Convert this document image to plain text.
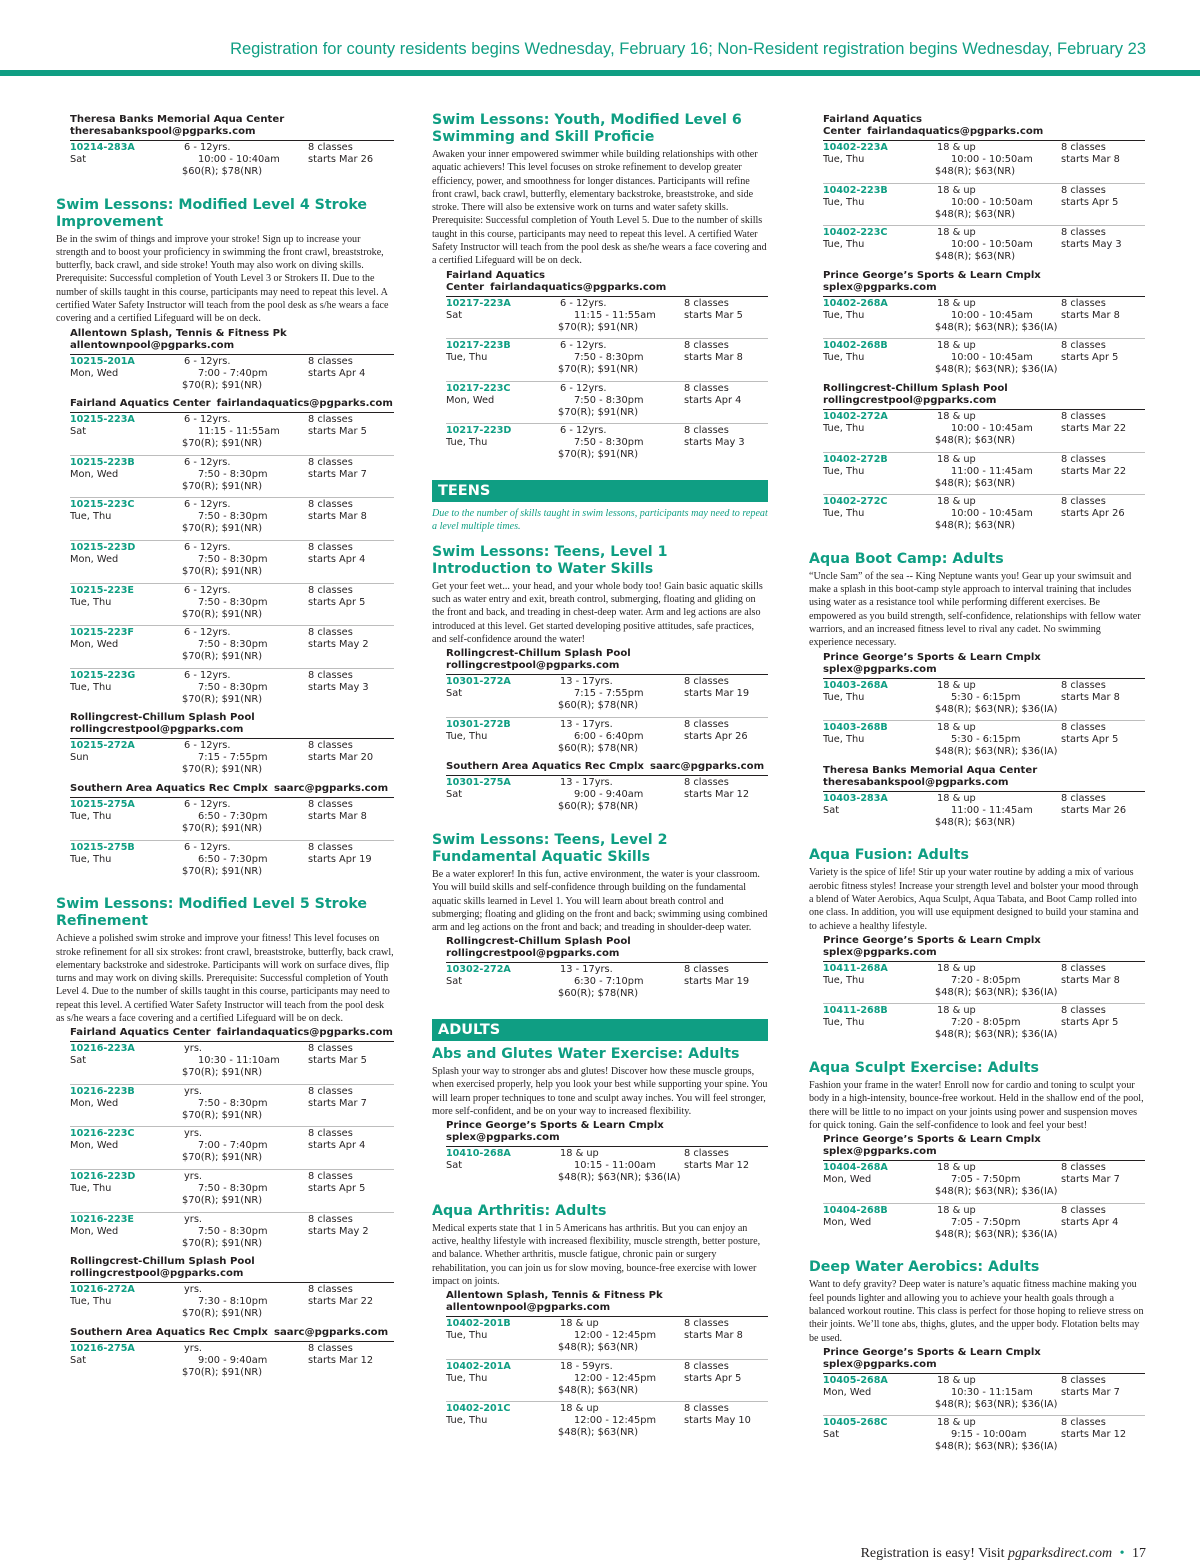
Registration for county residents begins Wednesday, February 16; Non-Resident registration begins Wednesday, February 23
Theresa Banks Memorial Aqua Center
theresabankspool@pgparks.com
10214-283A
Sat
6 - 12yrs.
10:00 - 10:40am
$60(R); $78(NR)
8 classes
starts Mar 26
Swim Lessons: Modified Level 4 Stroke Improvement

Be in the swim of things and improve your stroke! Sign up to increase your strength and to boost your proficiency in swimming the front crawl, breaststroke, butterfly, back crawl, and side stroke! Youth may also work on diving skills. Prerequisite: Successful completion of Youth Level 3 or Strokers II. Due to the number of skills taught in this course, participants may need to repeat this level. A certified Water Safety Instructor will teach from the pool desk as s/he wears a face covering and a certified Lifeguard will be on deck.

Allentown Splash, Tennis & Fitness Pk
allentownpool@pgparks.com
10215-201A
Mon, Wed
6 - 12yrs.
7:00 - 7:40pm
$70(R); $91(NR)
8 classes
starts Apr 4
Fairland Aquatics Center fairlandaquatics@pgparks.com
10215-223A
Sat
6 - 12yrs.
11:15 - 11:55am
$70(R); $91(NR)
8 classes
starts Mar 5
10215-223B
Mon, Wed
6 - 12yrs.
7:50 - 8:30pm
$70(R); $91(NR)
8 classes
starts Mar 7
10215-223C
Tue, Thu
6 - 12yrs.
7:50 - 8:30pm
$70(R); $91(NR)
8 classes
starts Mar 8
10215-223D
Mon, Wed
6 - 12yrs.
7:50 - 8:30pm
$70(R); $91(NR)
8 classes
starts Apr 4
10215-223E
Tue, Thu
6 - 12yrs.
7:50 - 8:30pm
$70(R); $91(NR)
8 classes
starts Apr 5
10215-223F
Mon, Wed
6 - 12yrs.
7:50 - 8:30pm
$70(R); $91(NR)
8 classes
starts May 2
10215-223G
Tue, Thu
6 - 12yrs.
7:50 - 8:30pm
$70(R); $91(NR)
8 classes
starts May 3
Rollingcrest-Chillum Splash Pool
rollingcrestpool@pgparks.com
10215-272A
Sun
6 - 12yrs.
7:15 - 7:55pm
$70(R); $91(NR)
8 classes
starts Mar 20
Southern Area Aquatics Rec Cmplx saarc@pgparks.com
10215-275A
Tue, Thu
6 - 12yrs.
6:50 - 7:30pm
$70(R); $91(NR)
8 classes
starts Mar 8
10215-275B
Tue, Thu
6 - 12yrs.
6:50 - 7:30pm
$70(R); $91(NR)
8 classes
starts Apr 19
Swim Lessons: Modified Level 5 Stroke Refinement

Achieve a polished swim stroke and improve your fitness! This level focuses on stroke refinement for all six strokes: front crawl, breaststroke, butterfly, back crawl, elementary backstroke and sidestroke. Participants will work on surface dives, flip turns and may work on diving skills. Prerequisite: Successful completion of Youth Level 4. Due to the number of skills taught in this course, participants may need to repeat this level. A certified Water Safety Instructor will teach from the pool desk as s/he wears a face covering and a certified Lifeguard will be on deck.

Fairland Aquatics Center fairlandaquatics@pgparks.com
10216-223A
Sat
yrs.
10:30 - 11:10am
$70(R); $91(NR)
8 classes
starts Mar 5
10216-223B
Mon, Wed
yrs.
7:50 - 8:30pm
$70(R); $91(NR)
8 classes
starts Mar 7
10216-223C
Mon, Wed
yrs.
7:00 - 7:40pm
$70(R); $91(NR)
8 classes
starts Apr 4
10216-223D
Tue, Thu
yrs.
7:50 - 8:30pm
$70(R); $91(NR)
8 classes
starts Apr 5
10216-223E
Mon, Wed
yrs.
7:50 - 8:30pm
$70(R); $91(NR)
8 classes
starts May 2
Rollingcrest-Chillum Splash Pool
rollingcrestpool@pgparks.com
10216-272A
Tue, Thu
yrs.
7:30 - 8:10pm
$70(R); $91(NR)
8 classes
starts Mar 22
Southern Area Aquatics Rec Cmplx saarc@pgparks.com
10216-275A
Sat
yrs.
9:00 - 9:40am
$70(R); $91(NR)
8 classes
starts Mar 12
Swim Lessons: Youth, Modified Level 6 Swimming and Skill Proficie

Awaken your inner empowered swimmer while building relationships with other aquatic achievers! This level focuses on stroke refinement to develop greater efficiency, power, and smoothness for longer distances. Participants will refine front crawl, back crawl, butterfly, elementary backstroke, breaststroke, and side stroke. There will also be extensive work on turns and water safety skills. Prerequisite: Successful completion of Youth Level 5. Due to the number of skills taught in this course, participants may need to repeat this level. A certified Water Safety Instructor will teach from the pool desk as she/he wears a face covering and a certified Lifeguard will be on deck.

Fairland Aquatics Center fairlandaquatics@pgparks.com
10217-223A
Sat
6 - 12yrs.
11:15 - 11:55am
$70(R); $91(NR)
8 classes
starts Mar 5
10217-223B
Tue, Thu
6 - 12yrs.
7:50 - 8:30pm
$70(R); $91(NR)
8 classes
starts Mar 8
10217-223C
Mon, Wed
6 - 12yrs.
7:50 - 8:30pm
$70(R); $91(NR)
8 classes
starts Apr 4
10217-223D
Tue, Thu
6 - 12yrs.
7:50 - 8:30pm
$70(R); $91(NR)
8 classes
starts May 3
TEENS

Due to the number of skills taught in swim lessons, participants may need to repeat a level multiple times.

Swim Lessons: Teens, Level 1 Introduction to Water Skills

Get your feet wet... your head, and your whole body too! Gain basic aquatic skills such as water entry and exit, breath control, submerging, floating and gliding on the front and back, and treading in chest-deep water. Arm and leg actions are also introduced at this level. Get started developing positive attitudes, safe practices, and self-confidence around the water!

Rollingcrest-Chillum Splash Pool
rollingcrestpool@pgparks.com
10301-272A
Sat
13 - 17yrs.
7:15 - 7:55pm
$60(R); $78(NR)
8 classes
starts Mar 19
10301-272B
Tue, Thu
13 - 17yrs.
6:00 - 6:40pm
$60(R); $78(NR)
8 classes
starts Apr 26
Southern Area Aquatics Rec Cmplx saarc@pgparks.com
10301-275A
Sat
13 - 17yrs.
9:00 - 9:40am
$60(R); $78(NR)
8 classes
starts Mar 12
Swim Lessons: Teens, Level 2 Fundamental Aquatic Skills

Be a water explorer! In this fun, active environment, the water is your classroom. You will build skills and self-confidence through building on the fundamental aquatic skills learned in Level 1. You will learn about breath control and submerging; floating and gliding on the front and back; swimming using combined arm and leg actions on the front and back; and treading in shoulder-deep water.

Rollingcrest-Chillum Splash Pool
rollingcrestpool@pgparks.com
10302-272A
Sat
13 - 17yrs.
6:30 - 7:10pm
$60(R); $78(NR)
8 classes
starts Mar 19
ADULTS
Abs and Glutes Water Exercise: Adults

Splash your way to stronger abs and glutes! Discover how these muscle groups, when exercised properly, help you look your best while supporting your spine. You will learn proper techniques to tone and sculpt away inches. You will feel stronger, more self-confident, and be on your way to increased flexibility.

Prince George’s Sports & Learn Cmplx
splex@pgparks.com
10410-268A
Sat
18 & up
10:15 - 11:00am
$48(R); $63(NR); $36(IA)
8 classes
starts Mar 12
Aqua Arthritis: Adults

Medical experts state that 1 in 5 Americans has arthritis. But you can enjoy an active, healthy lifestyle with increased flexibility, muscle strength, better posture, and balance. Whether arthritis, muscle fatigue, chronic pain or surgery rehabilitation, you can join us for slow moving, bounce-free exercise with lower impact on joints.

Allentown Splash, Tennis & Fitness Pk
allentownpool@pgparks.com
10402-201B
Tue, Thu
18 & up
12:00 - 12:45pm
$48(R); $63(NR)
8 classes
starts Mar 8
10402-201A
Tue, Thu
18 - 59yrs.
12:00 - 12:45pm
$48(R); $63(NR)
8 classes
starts Apr 5
10402-201C
Tue, Thu
18 & up
12:00 - 12:45pm
$48(R); $63(NR)
8 classes
starts May 10
Fairland Aquatics Center fairlandaquatics@pgparks.com
10402-223A
Tue, Thu
18 & up
10:00 - 10:50am
$48(R); $63(NR)
8 classes
starts Mar 8
10402-223B
Tue, Thu
18 & up
10:00 - 10:50am
$48(R); $63(NR)
8 classes
starts Apr 5
10402-223C
Tue, Thu
18 & up
10:00 - 10:50am
$48(R); $63(NR)
8 classes
starts May 3
Prince George’s Sports & Learn Cmplx
splex@pgparks.com
10402-268A
Tue, Thu
18 & up
10:00 - 10:45am
$48(R); $63(NR); $36(IA)
8 classes
starts Mar 8
10402-268B
Tue, Thu
18 & up
10:00 - 10:45am
$48(R); $63(NR); $36(IA)
8 classes
starts Apr 5
Rollingcrest-Chillum Splash Pool
rollingcrestpool@pgparks.com
10402-272A
Tue, Thu
18 & up
10:00 - 10:45am
$48(R); $63(NR)
8 classes
starts Mar 22
10402-272B
Tue, Thu
18 & up
11:00 - 11:45am
$48(R); $63(NR)
8 classes
starts Mar 22
10402-272C
Tue, Thu
18 & up
10:00 - 10:45am
$48(R); $63(NR)
8 classes
starts Apr 26
Aqua Boot Camp: Adults

“Uncle Sam” of the sea -- King Neptune wants you! Gear up your swimsuit and make a splash in this boot-camp style approach to interval training that includes using water as a resistance tool while performing different exercises. Be empowered as you build strength, self-confidence, relationships with fellow water warriors, and an increased fitness level to rival any cadet. No swimming experience necessary.

Prince George’s Sports & Learn Cmplx
splex@pgparks.com
10403-268A
Tue, Thu
18 & up
5:30 - 6:15pm
$48(R); $63(NR); $36(IA)
8 classes
starts Mar 8
10403-268B
Tue, Thu
18 & up
5:30 - 6:15pm
$48(R); $63(NR); $36(IA)
8 classes
starts Apr 5
Theresa Banks Memorial Aqua Center
theresabankspool@pgparks.com
10403-283A
Sat
18 & up
11:00 - 11:45am
$48(R); $63(NR)
8 classes
starts Mar 26
Aqua Fusion: Adults

Variety is the spice of life! Stir up your water routine by adding a mix of various aerobic fitness styles! Increase your strength level and bolster your mood through a blend of Water Aerobics, Aqua Sculpt, Aqua Tabata, and Boot Camp rolled into one class. In addition, you will use equipment designed to build your stamina and to achieve a healthy lifestyle.

Prince George’s Sports & Learn Cmplx
splex@pgparks.com
10411-268A
Tue, Thu
18 & up
7:20 - 8:05pm
$48(R); $63(NR); $36(IA)
8 classes
starts Mar 8
10411-268B
Tue, Thu
18 & up
7:20 - 8:05pm
$48(R); $63(NR); $36(IA)
8 classes
starts Apr 5
Aqua Sculpt Exercise: Adults

Fashion your frame in the water! Enroll now for cardio and toning to sculpt your body in a high-intensity, bounce-free workout. Held in the shallow end of the pool, there will be little to no impact on your joints using power and suspension moves for quick toning. Gain the self-confidence to look and feel your best!

Prince George’s Sports & Learn Cmplx
splex@pgparks.com
10404-268A
Mon, Wed
18 & up
7:05 - 7:50pm
$48(R); $63(NR); $36(IA)
8 classes
starts Mar 7
10404-268B
Mon, Wed
18 & up
7:05 - 7:50pm
$48(R); $63(NR); $36(IA)
8 classes
starts Apr 4
Deep Water Aerobics: Adults

Want to defy gravity? Deep water is nature’s aquatic fitness machine making you feel pounds lighter and allowing you to achieve your health goals through a balanced workout routine. This class is perfect for those hoping to relieve stress on their joints. We’ll tone abs, thighs, glutes, and the upper body. Flotation belts may be used.

Prince George’s Sports & Learn Cmplx
splex@pgparks.com
10405-268A
Mon, Wed
18 & up
10:30 - 11:15am
$48(R); $63(NR); $36(IA)
8 classes
starts Mar 7
10405-268C
Sat
18 & up
9:15 - 10:00am
$48(R); $63(NR); $36(IA)
8 classes
starts Mar 12
Registration is easy! Visit pgparksdirect.com • 17
